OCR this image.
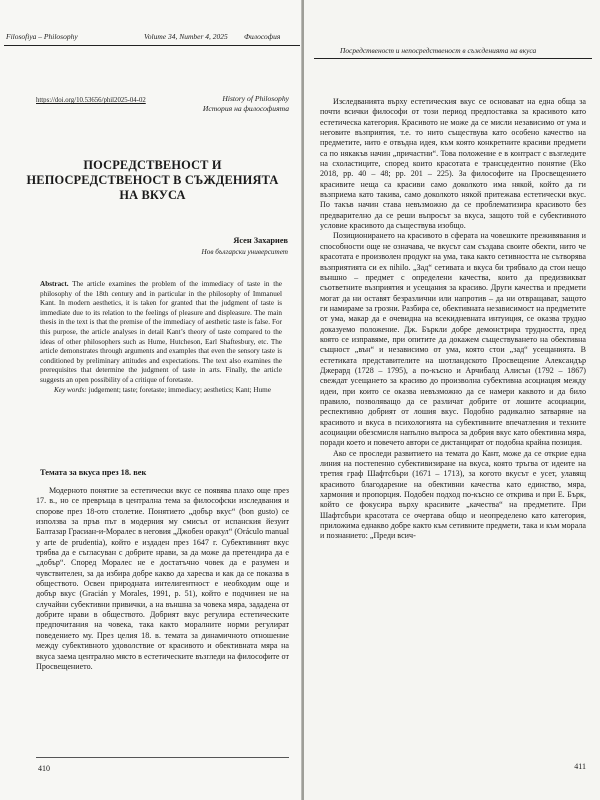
Filosofiya – Philosophy	Volume 34, Number 4, 2025 Философия
https://doi.org/10.53656/phil2025-04-02	History of Philosophy
История на философията
ПОСРЕДСТВЕНОСТ И НЕПОСРЕДСТВЕНОСТ В СЪЖДЕНИЯТА НА ВКУСА
Ясен Захариев
Нов български университет

Abstract. The article examines the problem of the immediacy of taste in the philosophy of the 18th century and in particular in the philosophy of Immanuel Kant. In modern aesthetics, it is taken for granted that the judgment of taste is immediate due to its relation to the feelings of pleasure and displeasure. The main thesis in the text is that the premise of the immediacy of aesthetic taste is false. For this purpose, the article analyses in detail Kant’s theory of taste compared to the ideas of other philosophers such as Hume, Hutcheson, Earl Shaftesbury, etc. The article demonstrates through arguments and examples that even the sensory taste is conditioned by preliminary attitudes and expectations. The text also examines the prerequisites that determine the judgment of taste in arts. Finally, the article suggests an open possibility of a critique of foretaste.
Key words: judgement; taste; foretaste; immediacy; aesthetics; Kant; Hume

Темата за вкуса през 18. век

Модерното понятие за естетически вкус се появява плахо още през 17. в., но се превръща в централна тема за философски изследвания и спорове през 18-ото столетие. Понятието „добър вкус“ (bon gusto) се използва за пръв път в модерния му смисъл от испанския йезуит Балтазар Грасиан-и-Моралес в неговия „Джобен оракул“ (Oráculo manual y arte de prudentia), който е издаден през 1647 г. Субективният вкус трябва да е съгласуван с добрите нрави, за да може да претендира да е „добър“. Според Моралес не е достатъчно човек да е разумен и чувствителен, за да избира добре какво да харесва и как да се показва в обществото. Освен природната интелигентност е необходим още и добър вкус (Gracián y Morales, 1991, p. 51), който е подчинен не на случайни субективни привички, а на външна за човека мяра, зададена от добрите нрави в обществото. Добрият вкус регулира естетическите предпочитания на човека, така както моралните норми регулират поведението му. През целия 18. в. темата за динамичното отношение между субективното удоволствие от красивото и обективната мяра на вкуса заема централно място в естетическите възгледи на философите от Просвещението.

410
Посредственост и непосредственост в съжденията на вкуса

Изследванията върху естетическия вкус се основават на една обща за почти всички философи от този период предпоставка за красивото като естетическа категория. Красивото не може да се мисли независимо от ума и неговите възприятия, т.е. то нито съществува като особено качество на предметите, нито е отвъдна идея, към която конкретните красиви предмети са по някакъв начин „причастни“. Това положение е в контраст с възгледите на схоластиците, според които красотата е трансцедентно понятие (Eko 2018, pp. 40 – 48; pp. 201 – 225). За философите на Просвещението красивите неща са красиви само доколкото има някой, който да ги възприема като такива, само доколкото някой притежава естетически вкус. По такъв начин става невъзможно да се проблематизира красивото без предварително да се реши въпросът за вкуса, защото той е субективното условие красивото да съществува изобщо.

Позиционирането на красивото в сферата на човешките преживявания и способности още не означава, че вкусът сам създава своите обекти, нито че красотата е произволен продукт на ума, така както сетивността не сътворява възприятията си ex nihilo. „Зад“ сетивата и вкуса би трябвало да стои нещо външно – предмет с определени качества, които да предизвикват съответните възприятия и усещания за красиво. Други качества и предмети могат да ни оставят безразлични или напротив – да ни отвращават, защото ги намираме за грозни. Разбира се, обективната независимост на предметите от ума, макар да е очевидна на всекидневната интуиция, се оказва трудно доказуемо положение. Дж. Бъркли добре демонстрира трудността, пред която се изправяме, при опитите да докажем съществуването на обективна същност „вън“ и независимо от ума, която стои „зад“ усещанията. В естетиката представителите на шотландското Просвещение Александър Джерард (1728 – 1795), а по-късно и Арчибалд Алисън (1792 – 1867) свеждат усещането за красиво до произволна субективна асоциация между идеи, при които се оказва невъзможно да се намери каквото и да било правило, позволяващо да се различат добрите от лошите асоциации, респективно добрият от лошия вкус. Подобно радикално затваряне на красивото и вкуса в психологията на субективните впечатления и техните асоциации обезсмисля напълно въпроса за добрия вкус като обективна мяра, поради което и повечето автори се дистанцират от подобна крайна позиция.

Ако се проследи развитието на темата до Кант, може да се открие една линия на постепенно субективизиране на вкуса, която тръгва от идеите на третия граф Шафтсбъри (1671 – 1713), за когото вкусът е усет, улавящ красивото благодарение на обективни качества като единство, мяра, хармония и пропорция. Подобен подход по-късно се открива и при Е. Бърк, който се фокусира върху красивите „качества“ на предметите. При Шафтсбъри красотата се очертава общо и неопределено като категория, приложима еднакво добре както към сетивните предмети, така и към морала и познанието: „Преди всич-

411
